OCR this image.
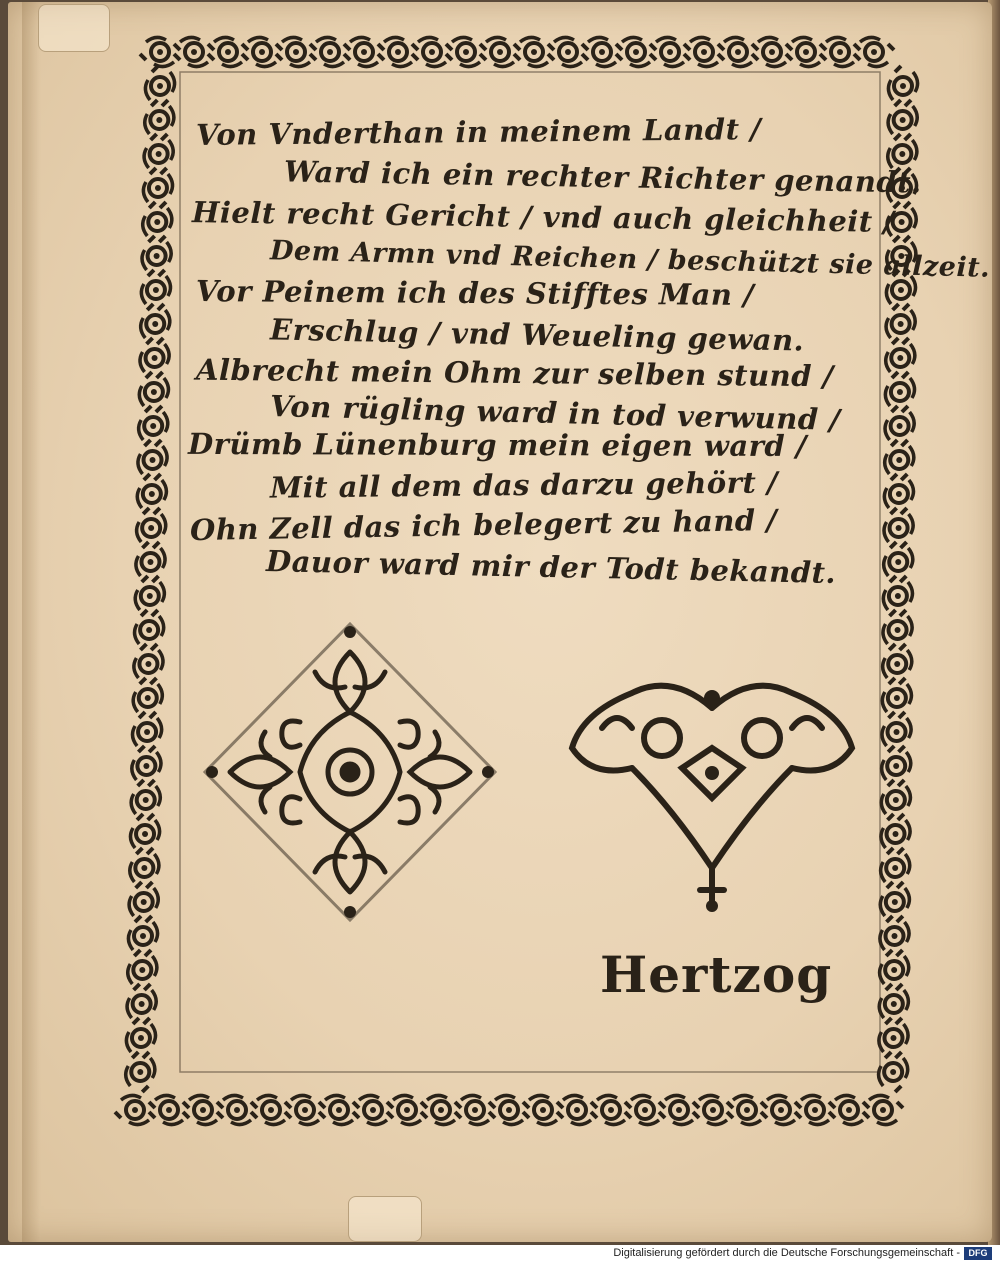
Von Vnderthan in meinem Landt /
Ward ich ein rechter Richter genandt.
Hielt recht Gericht / vnd auch gleichheit /
Dem Armn vnd Reichen / beschützt sie allzeit.
Vor Peinem ich des Stifftes Man /
Erschlug / vnd Weueling gewan.
Albrecht mein Ohm zur selben stund /
Von rügling ward in tod verwund /
Drümb Lünenburg mein eigen ward /
Mit all dem das darzu gehört /
Ohn Zell das ich belegert zu hand /
Dauor ward mir der Todt bekandt.
Hertzog
Digitalisierung gefördert durch die Deutsche Forschungsgemeinschaft - DFG
